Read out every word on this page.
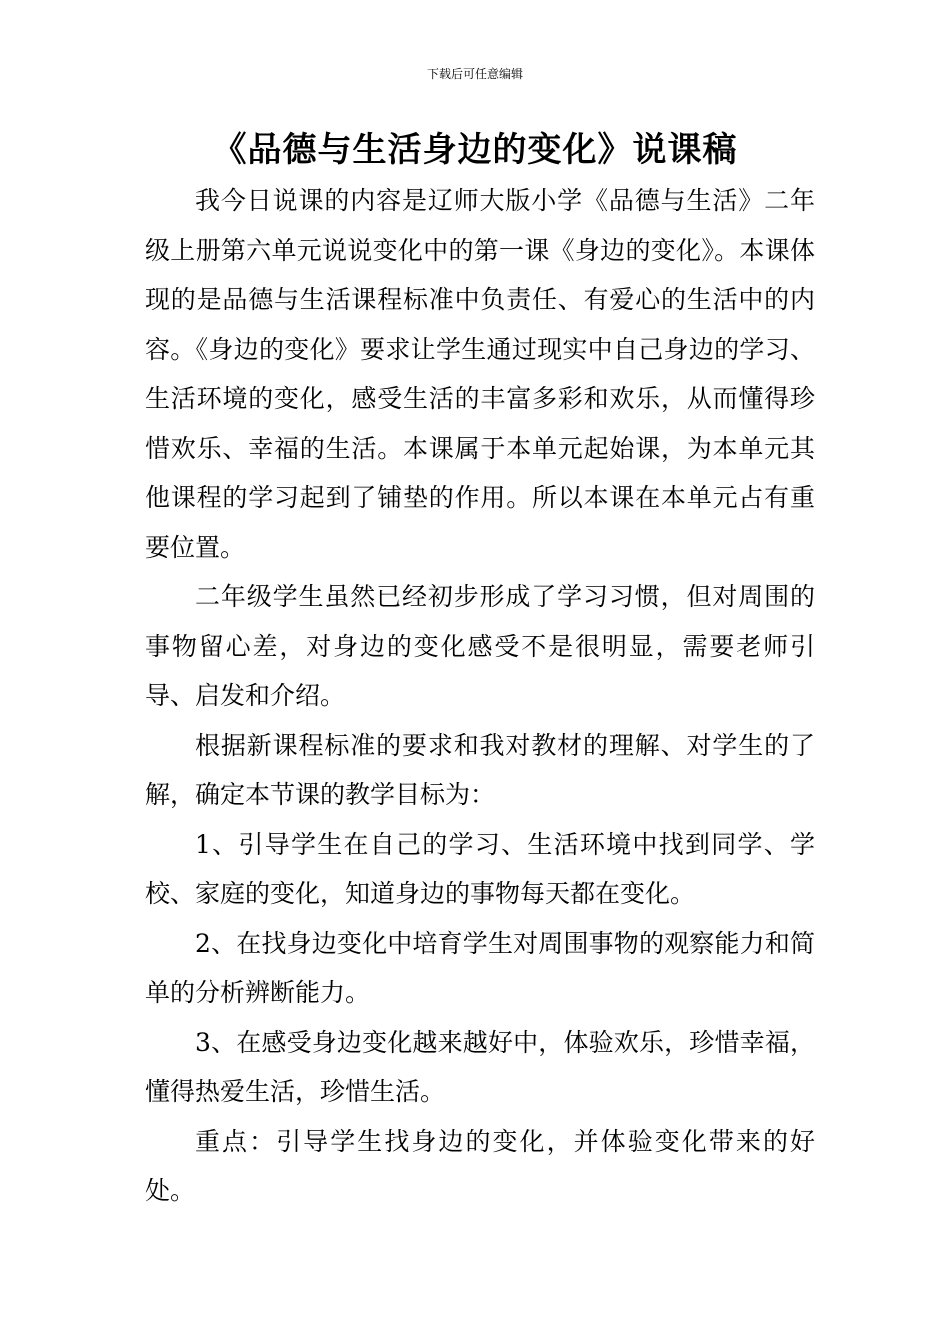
下载后可任意编辑
《品德与生活身边的变化》说课稿

我今日说课的内容是辽师大版小学《品德与生活》二年级上册第六单元说说变化中的第一课《身边的变化》。本课体现的是品德与生活课程标准中负责任、有爱心的生活中的内容。《身边的变化》要求让学生通过现实中自己身边的学习、生活环境的变化，感受生活的丰富多彩和欢乐，从而懂得珍惜欢乐、幸福的生活。本课属于本单元起始课，为本单元其他课程的学习起到了铺垫的作用。所以本课在本单元占有重要位置。

二年级学生虽然已经初步形成了学习习惯，但对周围的事物留心差，对身边的变化感受不是很明显，需要老师引导、启发和介绍。

根据新课程标准的要求和我对教材的理解、对学生的了解，确定本节课的教学目标为：

1、引导学生在自己的学习、生活环境中找到同学、学校、家庭的变化，知道身边的事物每天都在变化。

2、在找身边变化中培育学生对周围事物的观察能力和简单的分析辨断能力。

3、在感受身边变化越来越好中，体验欢乐，珍惜幸福，懂得热爱生活，珍惜生活。

重点：引导学生找身边的变化，并体验变化带来的好处。
